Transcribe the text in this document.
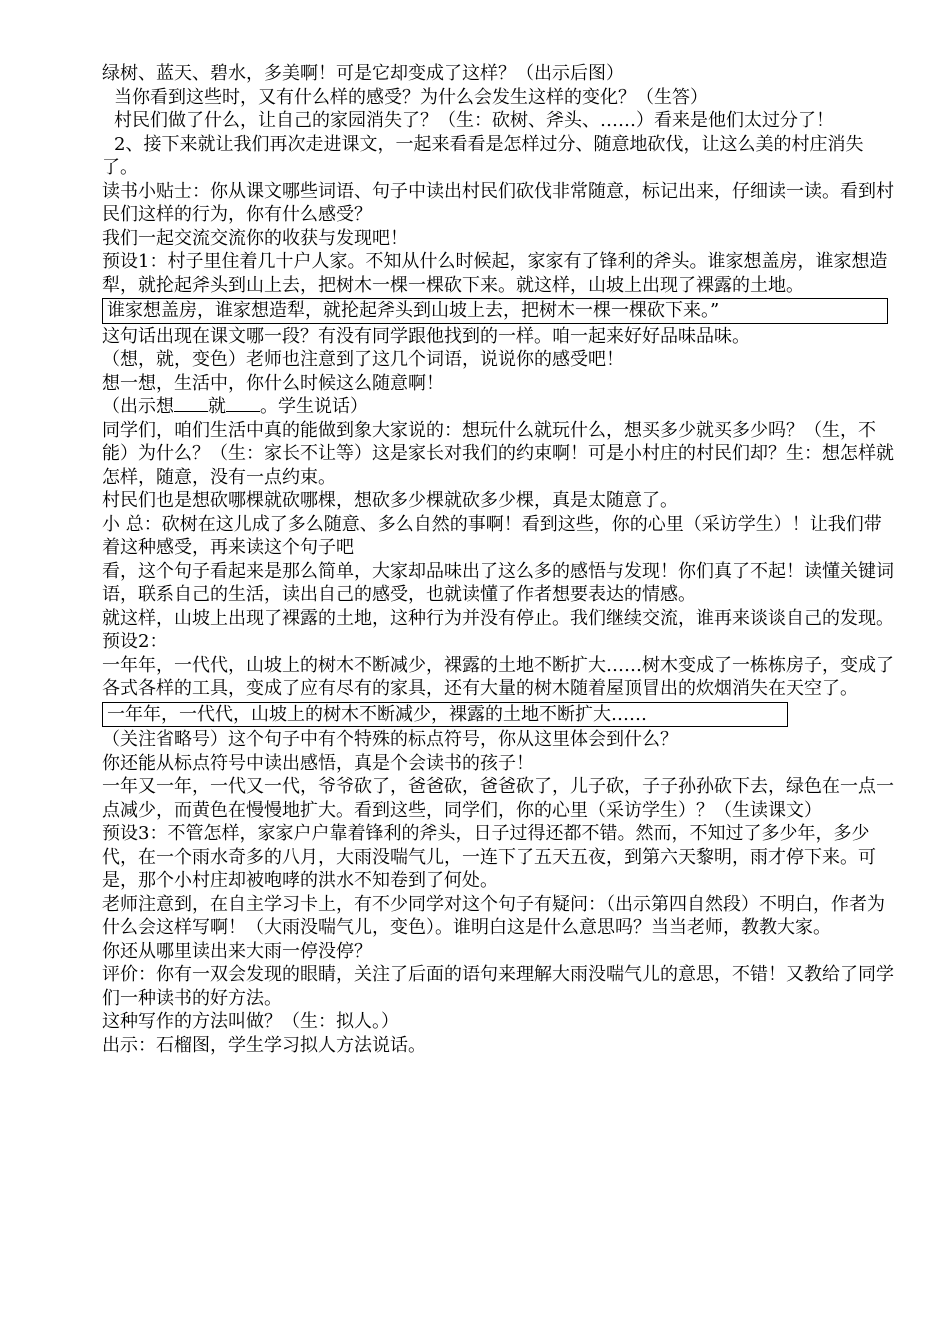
绿树、蓝天、碧水，多美啊！可是它却变成了这样？（出示后图）

当你看到这些时，又有什么样的感受？为什么会发生这样的变化？（生答）

村民们做了什么，让自己的家园消失了？（生：砍树、斧头、……）看来是他们太过分了！

2、接下来就让我们再次走进课文，一起来看看是怎样过分、随意地砍伐，让这么美的村庄消失了。

读书小贴士：你从课文哪些词语、句子中读出村民们砍伐非常随意，标记出来，仔细读一读。看到村民们这样的行为，你有什么感受？

我们一起交流交流你的收获与发现吧！

预设1：村子里住着几十户人家。不知从什么时候起，家家有了锋利的斧头。谁家想盖房，谁家想造犁，就抡起斧头到山上去，把树木一棵一棵砍下来。就这样，山坡上出现了裸露的土地。

谁家想盖房，谁家想造犁，就抡起斧头到山坡上去，把树木一棵一棵砍下来。”

这句话出现在课文哪一段？有没有同学跟他找到的一样。咱一起来好好品味品味。

（想，就，变色）老师也注意到了这几个词语，说说你的感受吧！

想一想，生活中，你什么时候这么随意啊！

（出示想 就 。学生说话）

同学们，咱们生活中真的能做到象大家说的：想玩什么就玩什么，想买多少就买多少吗？（生，不能）为什么？（生：家长不让等）这是家长对我们的约束啊！可是小村庄的村民们却？生：想怎样就怎样，随意，没有一点约束。

村民们也是想砍哪棵就砍哪棵，想砍多少棵就砍多少棵，真是太随意了。

小 总：砍树在这儿成了多么随意、多么自然的事啊！看到这些，你的心里（采访学生）！让我们带着这种感受，再来读这个句子吧

看，这个句子看起来是那么简单，大家却品味出了这么多的感悟与发现！你们真了不起！读懂关键词语，联系自己的生活，读出自己的感受，也就读懂了作者想要表达的情感。

就这样，山坡上出现了裸露的土地，这种行为并没有停止。我们继续交流，谁再来谈谈自己的发现。

预设2：

一年年，一代代，山坡上的树木不断减少，裸露的土地不断扩大……树木变成了一栋栋房子，变成了各式各样的工具，变成了应有尽有的家具，还有大量的树木随着屋顶冒出的炊烟消失在天空了。

一年年，一代代，山坡上的树木不断减少，裸露的土地不断扩大……

（关注省略号）这个句子中有个特殊的标点符号，你从这里体会到什么？

你还能从标点符号中读出感悟，真是个会读书的孩子！

一年又一年，一代又一代，爷爷砍了，爸爸砍，爸爸砍了，儿子砍，子子孙孙砍下去，绿色在一点一点减少，而黄色在慢慢地扩大。看到这些，同学们，你的心里（采访学生）？（生读课文）

预设3：不管怎样，家家户户靠着锋利的斧头，日子过得还都不错。然而，不知过了多少年，多少代，在一个雨水奇多的八月，大雨没喘气儿，一连下了五天五夜，到第六天黎明，雨才停下来。可是，那个小村庄却被咆哮的洪水不知卷到了何处。

老师注意到，在自主学习卡上，有不少同学对这个句子有疑问：（出示第四自然段）不明白，作者为什么会这样写啊！（大雨没喘气儿，变色）。谁明白这是什么意思吗？当当老师，教教大家。

你还从哪里读出来大雨一停没停？

评价：你有一双会发现的眼睛，关注了后面的语句来理解大雨没喘气儿的意思，不错！又教给了同学们一种读书的好方法。

这种写作的方法叫做？（生：拟人。）

出示：石榴图，学生学习拟人方法说话。
